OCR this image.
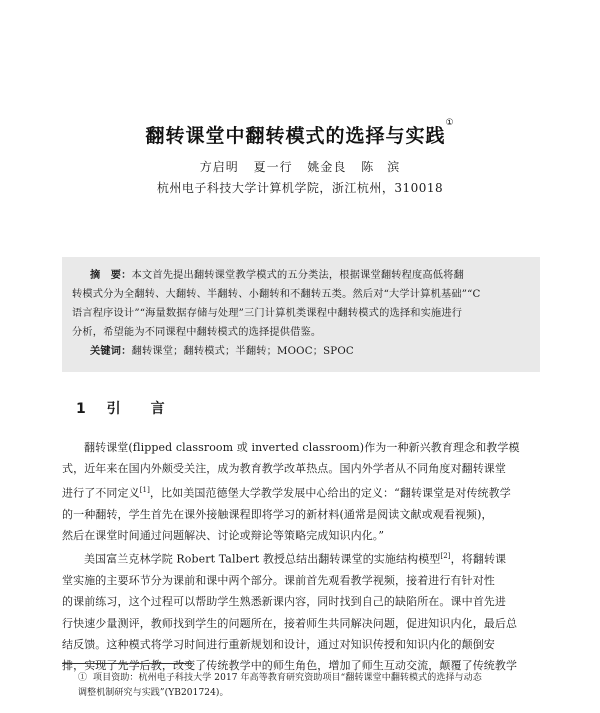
翻转课堂中翻转模式的选择与实践①
方启明 夏一行 姚金良 陈　滨
杭州电子科技大学计算机学院，浙江杭州，310018

摘　要：本文首先提出翻转课堂教学模式的五分类法，根据课堂翻转程度高低将翻

转模式分为全翻转、大翻转、半翻转、小翻转和不翻转五类。然后对“大学计算机基础”“C

语言程序设计”“海量数据存储与处理”三门计算机类课程中翻转模式的选择和实施进行

分析，希望能为不同课程中翻转模式的选择提供借鉴。

关键词：翻转课堂；翻转模式；半翻转；MOOC；SPOC

1 引　言
翻转课堂(flipped classroom 或 inverted classroom)作为一种新兴教育理念和教学模
式，近年来在国内外颇受关注，成为教育教学改革热点。国内外学者从不同角度对翻转课堂
进行了不同定义[1]，比如美国范德堡大学教学发展中心给出的定义：“翻转课堂是对传统教学
的一种翻转，学生首先在课外接触课程即将学习的新材料(通常是阅读文献或观看视频)，
然后在课堂时间通过问题解决、讨论或辩论等策略完成知识内化。”
美国富兰克林学院 Robert Talbert 教授总结出翻转课堂的实施结构模型[2]，将翻转课
堂实施的主要环节分为课前和课中两个部分。课前首先观看教学视频，接着进行有针对性
的课前练习，这个过程可以帮助学生熟悉新课内容，同时找到自己的缺陷所在。课中首先进
行快速少量测评，教师找到学生的问题所在，接着师生共同解决问题，促进知识内化，最后总
结反馈。这种模式将学习时间进行重新规划和设计，通过对知识传授和知识内化的颠倒安
排，实现了先学后教，改变了传统教学中的师生角色，增加了师生互动交流，颠覆了传统教学
① 项目资助：杭州电子科技大学 2017 年高等教育研究资助项目“翻转课堂中翻转模式的选择与动态
调整机制研究与实践”(YB201724)。
